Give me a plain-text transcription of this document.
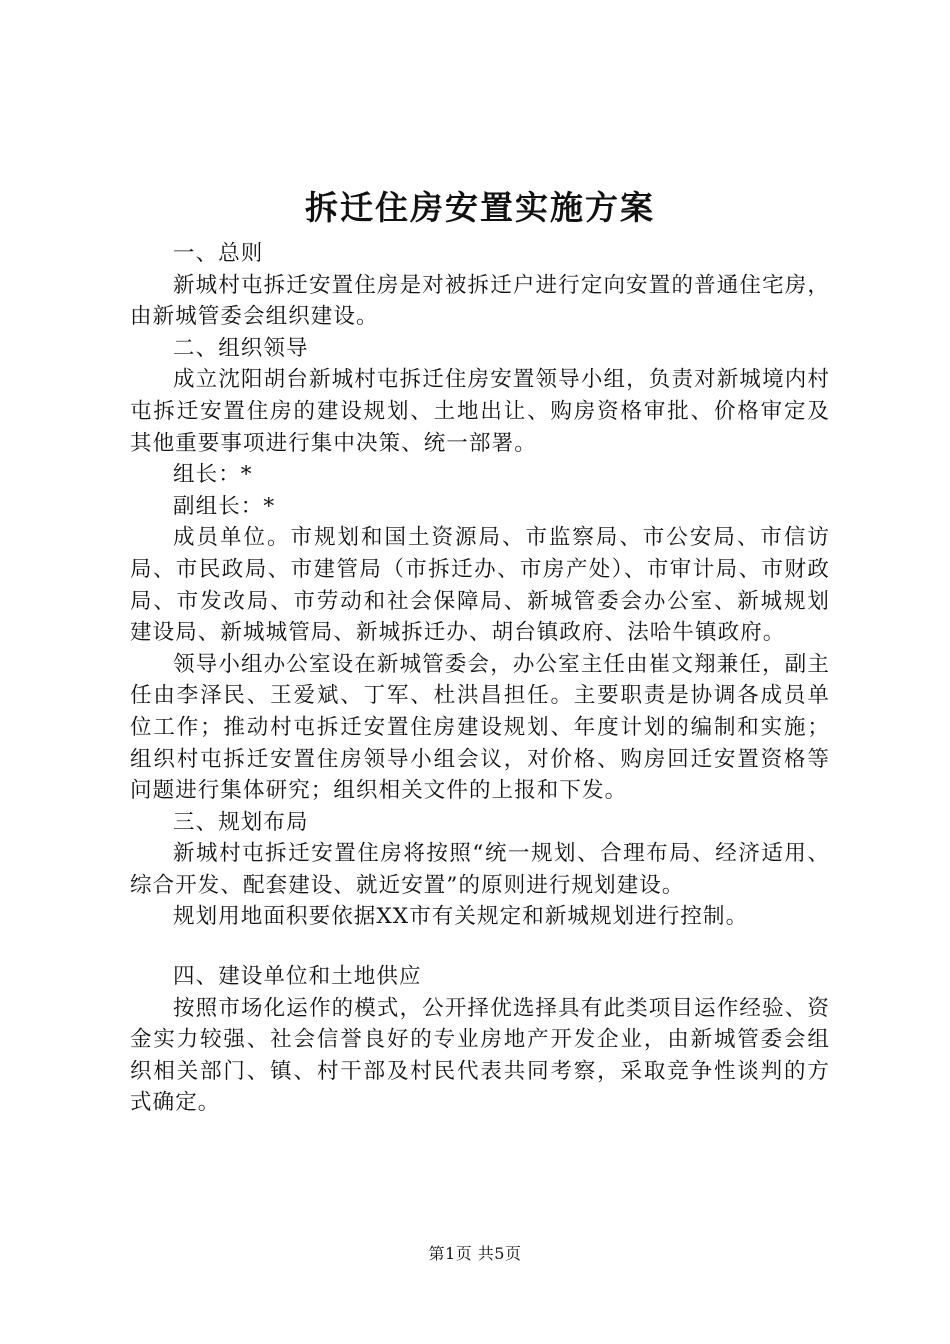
拆迁住房安置实施方案

一、总则

新城村屯拆迁安置住房是对被拆迁户进行定向安置的普通住宅房，由新城管委会组织建设。

二、组织领导

成立沈阳胡台新城村屯拆迁住房安置领导小组，负责对新城境内村屯拆迁安置住房的建设规划、土地出让、购房资格审批、价格审定及其他重要事项进行集中决策、统一部署。

组长：*

副组长：*

成员单位。市规划和国土资源局、市监察局、市公安局、市信访局、市民政局、市建管局（市拆迁办、市房产处）、市审计局、市财政局、市发改局、市劳动和社会保障局、新城管委会办公室、新城规划建设局、新城城管局、新城拆迁办、胡台镇政府、法哈牛镇政府。

领导小组办公室设在新城管委会，办公室主任由崔文翔兼任，副主任由李泽民、王爱斌、丁军、杜洪昌担任。主要职责是协调各成员单位工作；推动村屯拆迁安置住房建设规划、年度计划的编制和实施；组织村屯拆迁安置住房领导小组会议，对价格、购房回迁安置资格等问题进行集体研究；组织相关文件的上报和下发。

三、规划布局

新城村屯拆迁安置住房将按照“统一规划、合理布局、经济适用、综合开发、配套建设、就近安置”的原则进行规划建设。

规划用地面积要依据XX市有关规定和新城规划进行控制。

四、建设单位和土地供应

按照市场化运作的模式，公开择优选择具有此类项目运作经验、资金实力较强、社会信誉良好的专业房地产开发企业，由新城管委会组织相关部门、镇、村干部及村民代表共同考察，采取竞争性谈判的方式确定。

第1页 共5页
